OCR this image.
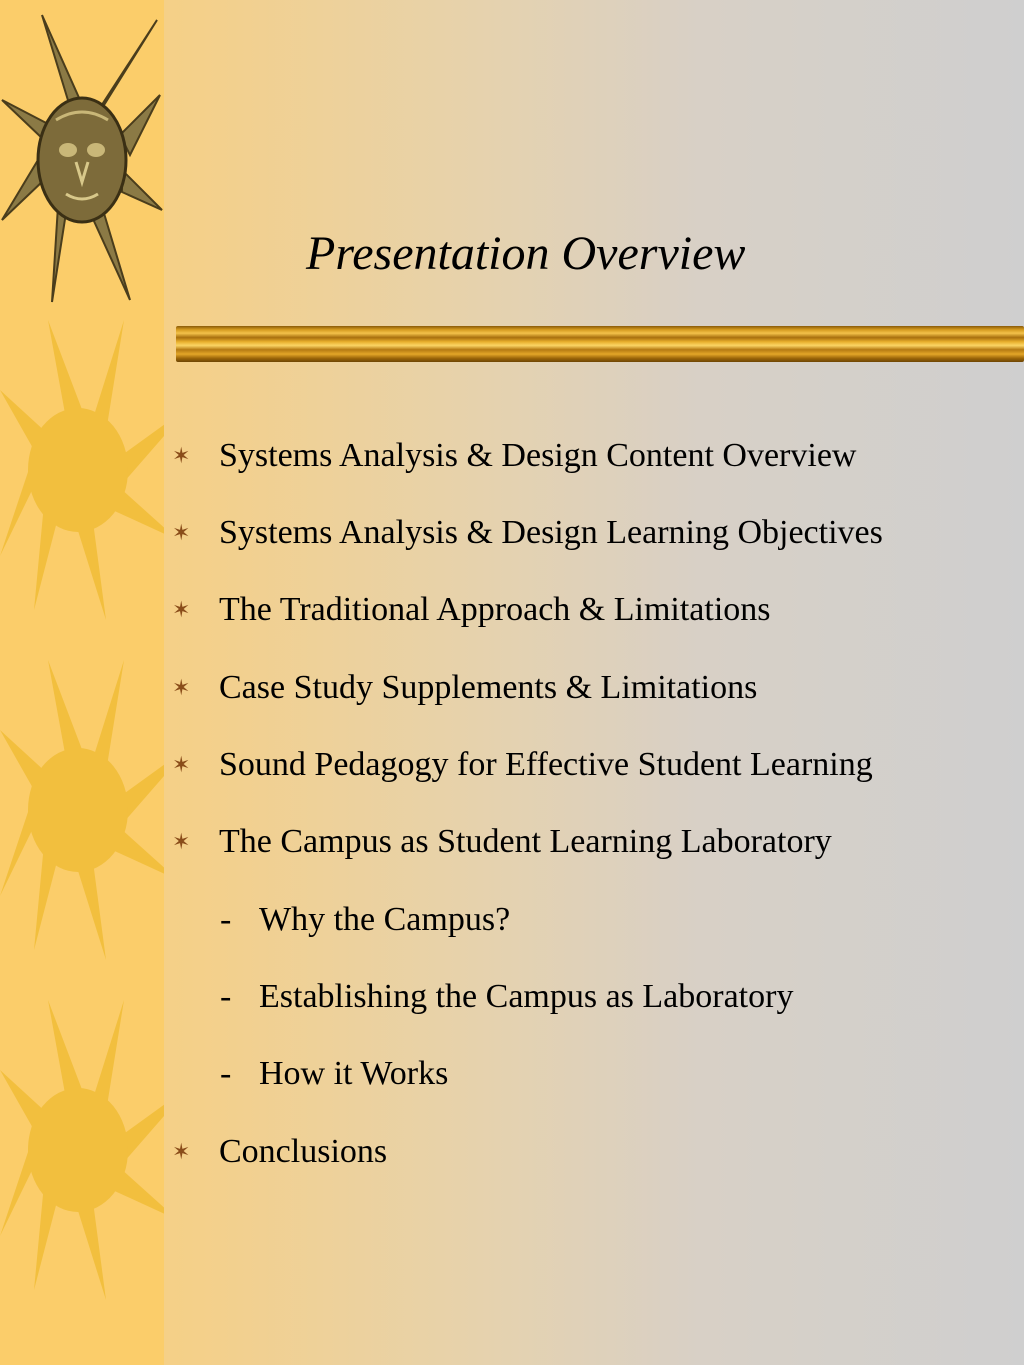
Presentation Overview
✶ Systems Analysis & Design Content Overview
✶ Systems Analysis & Design Learning Objectives
✶ The Traditional Approach & Limitations
✶ Case Study Supplements & Limitations
✶ Sound Pedagogy for Effective Student Learning
✶ The Campus as Student Learning Laboratory
- Why the Campus?
- Establishing the Campus as Laboratory
- How it Works
✶ Conclusions
